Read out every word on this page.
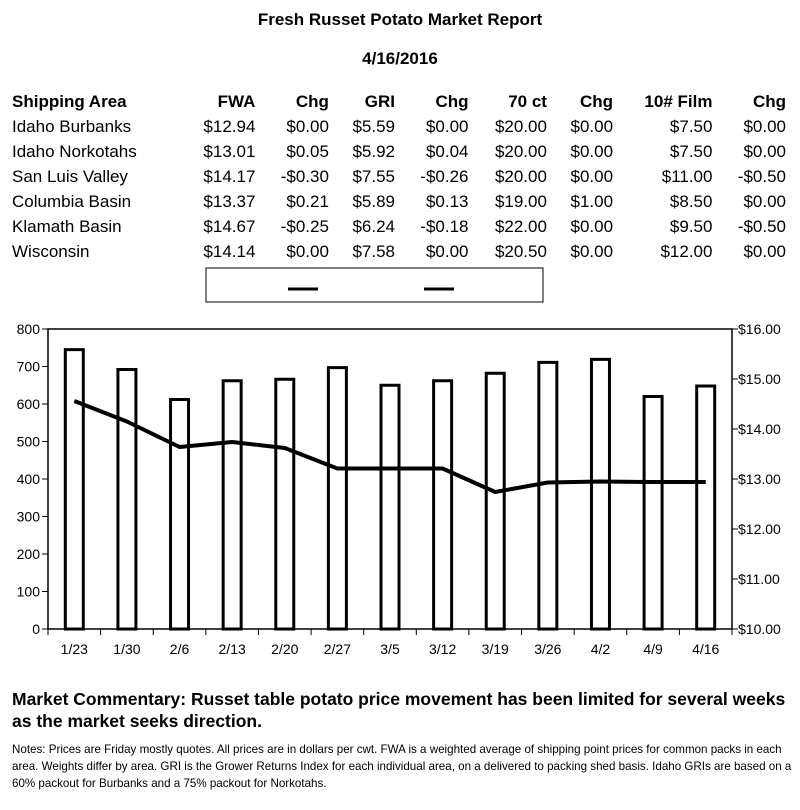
Fresh Russet Potato Market Report
4/16/2016
Shipping Area	FWA	Chg	GRI	Chg	70 ct	Chg	10# Film	Chg
Idaho Burbanks	$12.94	$0.00	$5.59	$0.00	$20.00	$0.00	$7.50	$0.00
Idaho Norkotahs	$13.01	$0.05	$5.92	$0.04	$20.00	$0.00	$7.50	$0.00
San Luis Valley	$14.17	-$0.30	$7.55	-$0.26	$20.00	$0.00	$11.00	-$0.50
Columbia Basin	$13.37	$0.21	$5.89	$0.13	$19.00	$1.00	$8.50	$0.00
Klamath Basin	$14.67	-$0.25	$6.24	-$0.18	$22.00	$0.00	$9.50	-$0.50
Wisconsin	$14.14	$0.00	$7.58	$0.00	$20.50	$0.00	$12.00	$0.00
0
100
200
300
400
500
600
700
800
$10.00
$11.00
$12.00
$13.00
$14.00
$15.00
$16.00
1/23 1/30 2/6 2/13 2/20 2/27 3/5 3/12 3/19 3/26 4/2 4/9 4/16
Market Commentary: Russet table potato price movement has been limited for several weeks as the market seeks direction.
Notes: Prices are Friday mostly quotes. All prices are in dollars per cwt. FWA is a weighted average of shipping point prices for common packs in each area. Weights differ by area. GRI is the Grower Returns Index for each individual area, on a delivered to packing shed basis. Idaho GRIs are based on a 60% packout for Burbanks and a 75% packout for Norkotahs.
